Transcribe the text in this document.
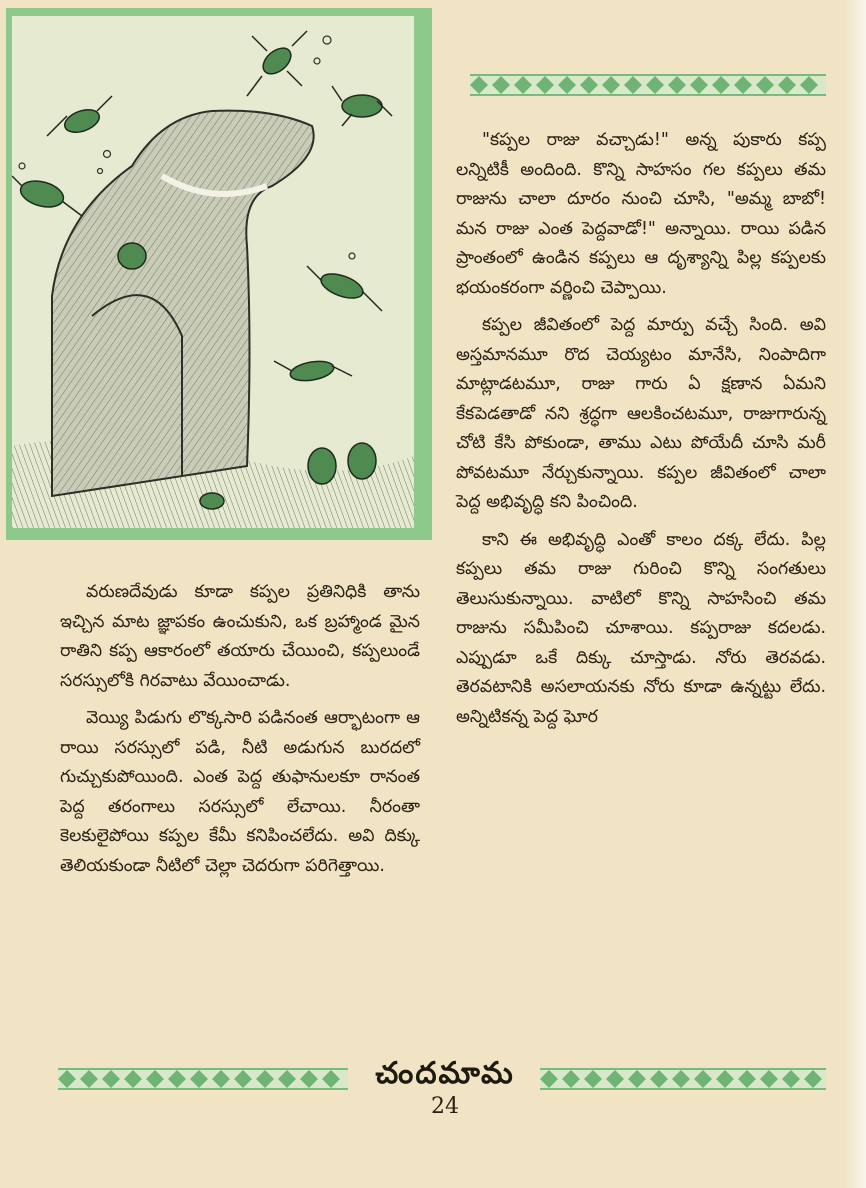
"కప్పల రాజు వచ్చాడు!" అన్న పుకారు కప్ప లన్నిటికీ అందింది. కొన్ని సాహసం గల కప్పలు తమ రాజును చాలా దూరం నుంచి చూసి, "అమ్మ బాబో! మన రాజు ఎంత పెద్దవాడో!" అన్నాయి. రాయి పడిన ప్రాంతంలో ఉండిన కప్పలు ఆ దృశ్యాన్ని పిల్ల కప్పలకు భయంకరంగా వర్ణించి చెప్పాయి.

కప్పల జీవితంలో పెద్ద మార్పు వచ్చే సింది. అవి అస్తమానమూ రొద చెయ్యటం మానేసి, నింపాదిగా మాట్లాడటమూ, రాజు గారు ఏ క్షణాన ఏమని కేకపెడతాడో నని శ్రద్ధగా ఆలకించటమూ, రాజుగారున్న చోటి కేసి పోకుండా, తాము ఎటు పోయేదీ చూసి మరీ పోవటమూ నేర్చుకున్నాయి. కప్పల జీవితంలో చాలా పెద్ద అభివృద్ధి కని పించింది.

కాని ఈ అభివృద్ధి ఎంతో కాలం దక్క లేదు. పిల్ల కప్పలు తమ రాజు గురించి కొన్ని సంగతులు తెలుసుకున్నాయి. వాటిలో కొన్ని సాహసించి తమ రాజును సమీపించి చూశాయి. కప్పరాజు కదలడు. ఎప్పుడూ ఒకే దిక్కు చూస్తాడు. నోరు తెరవడు. తెరవటానికి అసలాయనకు నోరు కూడా ఉన్నట్టు లేదు. అన్నిటికన్న పెద్ద ఘోర

వరుణదేవుడు కూడా కప్పల ప్రతినిధికి తాను ఇచ్చిన మాట జ్ఞాపకం ఉంచుకుని, ఒక బ్రహ్మాండ మైన రాతిని కప్ప ఆకారంలో తయారు చేయించి, కప్పలుండే సరస్సులోకి గిరవాటు వేయించాడు.

వెయ్యి పిడుగు లొక్కసారి పడినంత ఆర్భాటంగా ఆ రాయి సరస్సులో పడి, నీటి అడుగున బురదలో గుచ్చుకుపోయింది. ఎంత పెద్ద తుఫానులకూ రానంత పెద్ద తరంగాలు సరస్సులో లేచాయి. నీరంతా కెలకులైపోయి కప్పల కేమీ కనిపించలేదు. అవి దిక్కు తెలియకుండా నీటిలో చెల్లా చెదరుగా పరిగెత్తాయి.

చందమామ
24
